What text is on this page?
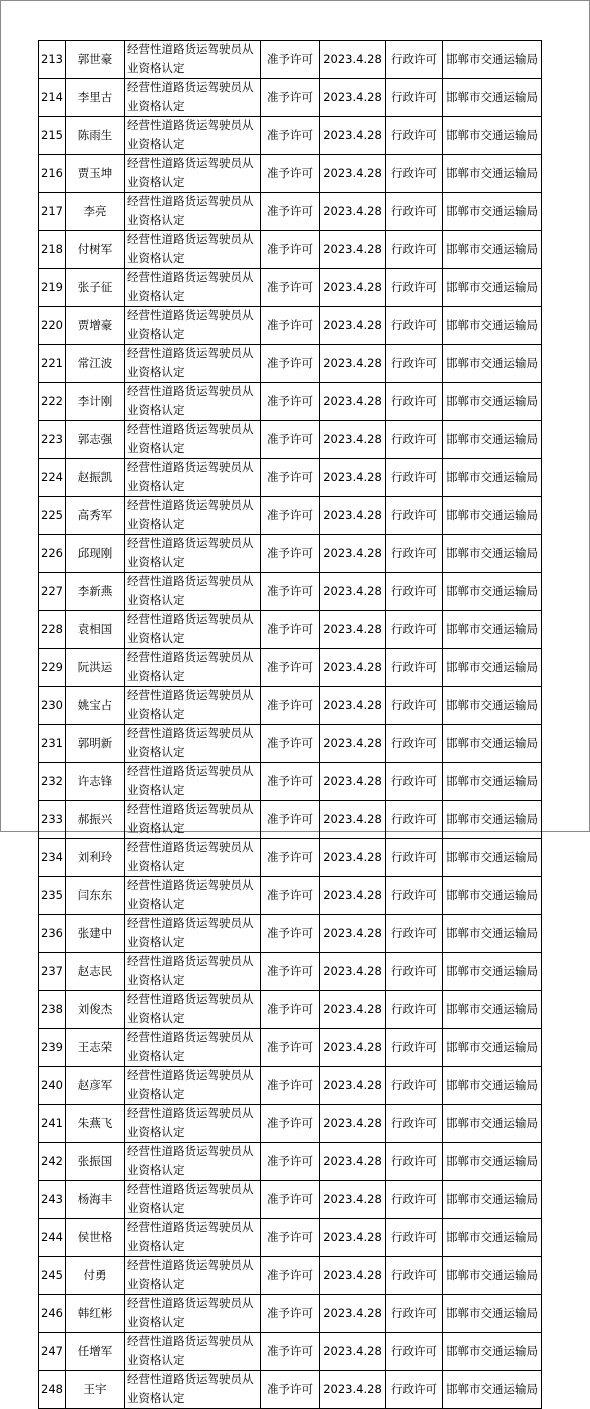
213	郭世豪	经营性道路货运驾驶员从业资格认定	准予许可	2023.4.28	行政许可	邯郸市交通运输局
214	李里古	经营性道路货运驾驶员从业资格认定	准予许可	2023.4.28	行政许可	邯郸市交通运输局
215	陈雨生	经营性道路货运驾驶员从业资格认定	准予许可	2023.4.28	行政许可	邯郸市交通运输局
216	贾玉坤	经营性道路货运驾驶员从业资格认定	准予许可	2023.4.28	行政许可	邯郸市交通运输局
217	李亮	经营性道路货运驾驶员从业资格认定	准予许可	2023.4.28	行政许可	邯郸市交通运输局
218	付树军	经营性道路货运驾驶员从业资格认定	准予许可	2023.4.28	行政许可	邯郸市交通运输局
219	张子征	经营性道路货运驾驶员从业资格认定	准予许可	2023.4.28	行政许可	邯郸市交通运输局
220	贾增豪	经营性道路货运驾驶员从业资格认定	准予许可	2023.4.28	行政许可	邯郸市交通运输局
221	常江波	经营性道路货运驾驶员从业资格认定	准予许可	2023.4.28	行政许可	邯郸市交通运输局
222	李计刚	经营性道路货运驾驶员从业资格认定	准予许可	2023.4.28	行政许可	邯郸市交通运输局
223	郭志强	经营性道路货运驾驶员从业资格认定	准予许可	2023.4.28	行政许可	邯郸市交通运输局
224	赵振凯	经营性道路货运驾驶员从业资格认定	准予许可	2023.4.28	行政许可	邯郸市交通运输局
225	高秀军	经营性道路货运驾驶员从业资格认定	准予许可	2023.4.28	行政许可	邯郸市交通运输局
226	邱现刚	经营性道路货运驾驶员从业资格认定	准予许可	2023.4.28	行政许可	邯郸市交通运输局
227	李新燕	经营性道路货运驾驶员从业资格认定	准予许可	2023.4.28	行政许可	邯郸市交通运输局
228	袁相国	经营性道路货运驾驶员从业资格认定	准予许可	2023.4.28	行政许可	邯郸市交通运输局
229	阮洪运	经营性道路货运驾驶员从业资格认定	准予许可	2023.4.28	行政许可	邯郸市交通运输局
230	姚宝占	经营性道路货运驾驶员从业资格认定	准予许可	2023.4.28	行政许可	邯郸市交通运输局
231	郭明新	经营性道路货运驾驶员从业资格认定	准予许可	2023.4.28	行政许可	邯郸市交通运输局
232	许志锋	经营性道路货运驾驶员从业资格认定	准予许可	2023.4.28	行政许可	邯郸市交通运输局
233	郝振兴	经营性道路货运驾驶员从业资格认定	准予许可	2023.4.28	行政许可	邯郸市交通运输局
234	刘利玲	经营性道路货运驾驶员从业资格认定	准予许可	2023.4.28	行政许可	邯郸市交通运输局
235	闫东东	经营性道路货运驾驶员从业资格认定	准予许可	2023.4.28	行政许可	邯郸市交通运输局
236	张建中	经营性道路货运驾驶员从业资格认定	准予许可	2023.4.28	行政许可	邯郸市交通运输局
237	赵志民	经营性道路货运驾驶员从业资格认定	准予许可	2023.4.28	行政许可	邯郸市交通运输局
238	刘俊杰	经营性道路货运驾驶员从业资格认定	准予许可	2023.4.28	行政许可	邯郸市交通运输局
239	王志荣	经营性道路货运驾驶员从业资格认定	准予许可	2023.4.28	行政许可	邯郸市交通运输局
240	赵彦军	经营性道路货运驾驶员从业资格认定	准予许可	2023.4.28	行政许可	邯郸市交通运输局
241	朱燕飞	经营性道路货运驾驶员从业资格认定	准予许可	2023.4.28	行政许可	邯郸市交通运输局
242	张振国	经营性道路货运驾驶员从业资格认定	准予许可	2023.4.28	行政许可	邯郸市交通运输局
243	杨海丰	经营性道路货运驾驶员从业资格认定	准予许可	2023.4.28	行政许可	邯郸市交通运输局
244	侯世格	经营性道路货运驾驶员从业资格认定	准予许可	2023.4.28	行政许可	邯郸市交通运输局
245	付勇	经营性道路货运驾驶员从业资格认定	准予许可	2023.4.28	行政许可	邯郸市交通运输局
246	韩红彬	经营性道路货运驾驶员从业资格认定	准予许可	2023.4.28	行政许可	邯郸市交通运输局
247	任增军	经营性道路货运驾驶员从业资格认定	准予许可	2023.4.28	行政许可	邯郸市交通运输局
248	王宇	经营性道路货运驾驶员从业资格认定	准予许可	2023.4.28	行政许可	邯郸市交通运输局
